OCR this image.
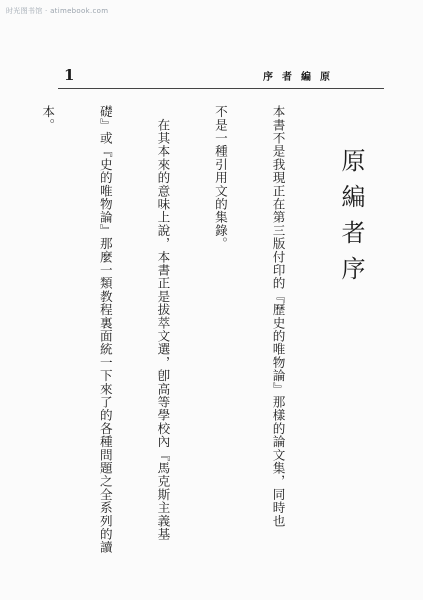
时光图书馆 · atimebook.com
1	序者編原
原編者序

本書不是我現正在第三版付印的『歷史的唯物論』那樣的論文集，同時也

不是一種引用文的集錄。

　在其本來的意味上說，本書正是拔萃文選，卽高等學校內『馬克斯主義基

礎』或『史的唯物論』那麼一類教程裏面統一下來了的各種問題之全系列的讀

本。
